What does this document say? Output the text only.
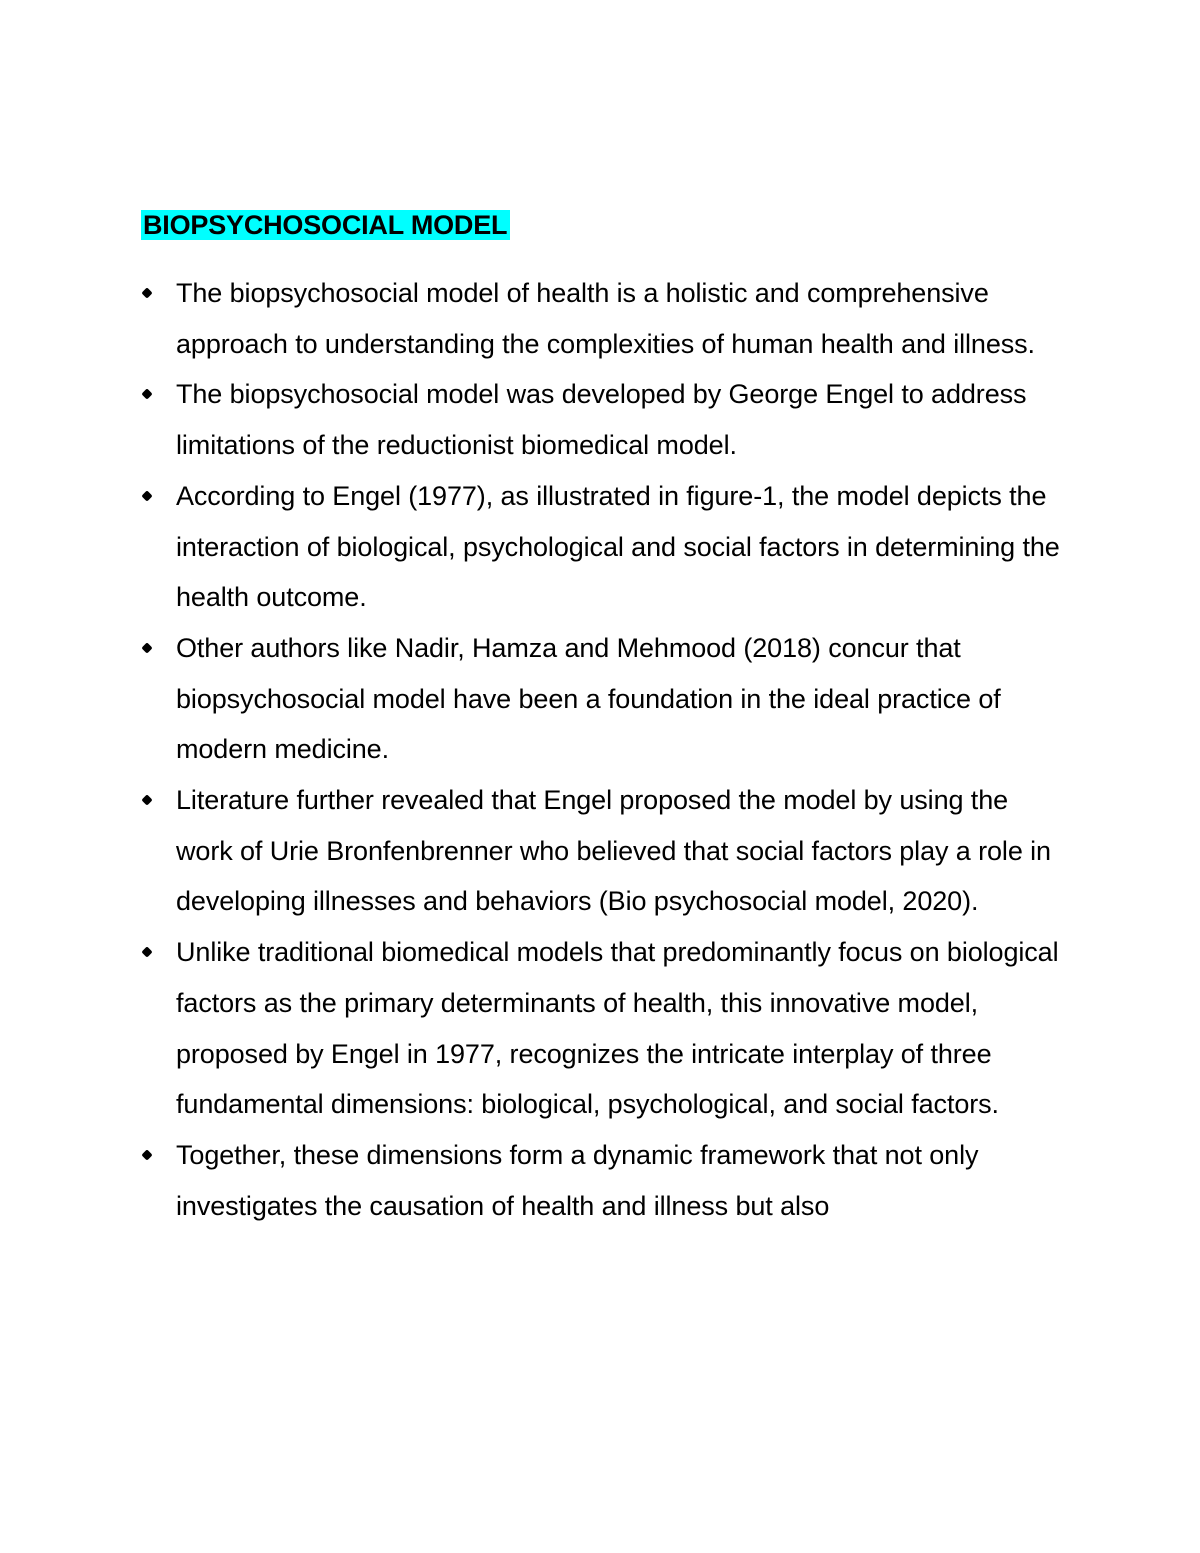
BIOPSYCHOSOCIAL MODEL
The biopsychosocial model of health is a holistic and comprehensive approach to understanding the complexities of human health and illness.
The biopsychosocial model was developed by George Engel to address limitations of the reductionist biomedical model.
According to Engel (1977), as illustrated in figure-1, the model depicts the interaction of biological, psychological and social factors in determining the health outcome.
Other authors like Nadir, Hamza and Mehmood (2018) concur that biopsychosocial model have been a foundation in the ideal practice of modern medicine.
Literature further revealed that Engel proposed the model by using the work of Urie Bronfenbrenner who believed that social factors play a role in developing illnesses and behaviors (Bio psychosocial model, 2020).
Unlike traditional biomedical models that predominantly focus on biological factors as the primary determinants of health, this innovative model, proposed by Engel in 1977, recognizes the intricate interplay of three fundamental dimensions: biological, psychological, and social factors.
Together, these dimensions form a dynamic framework that not only investigates the causation of health and illness but also
